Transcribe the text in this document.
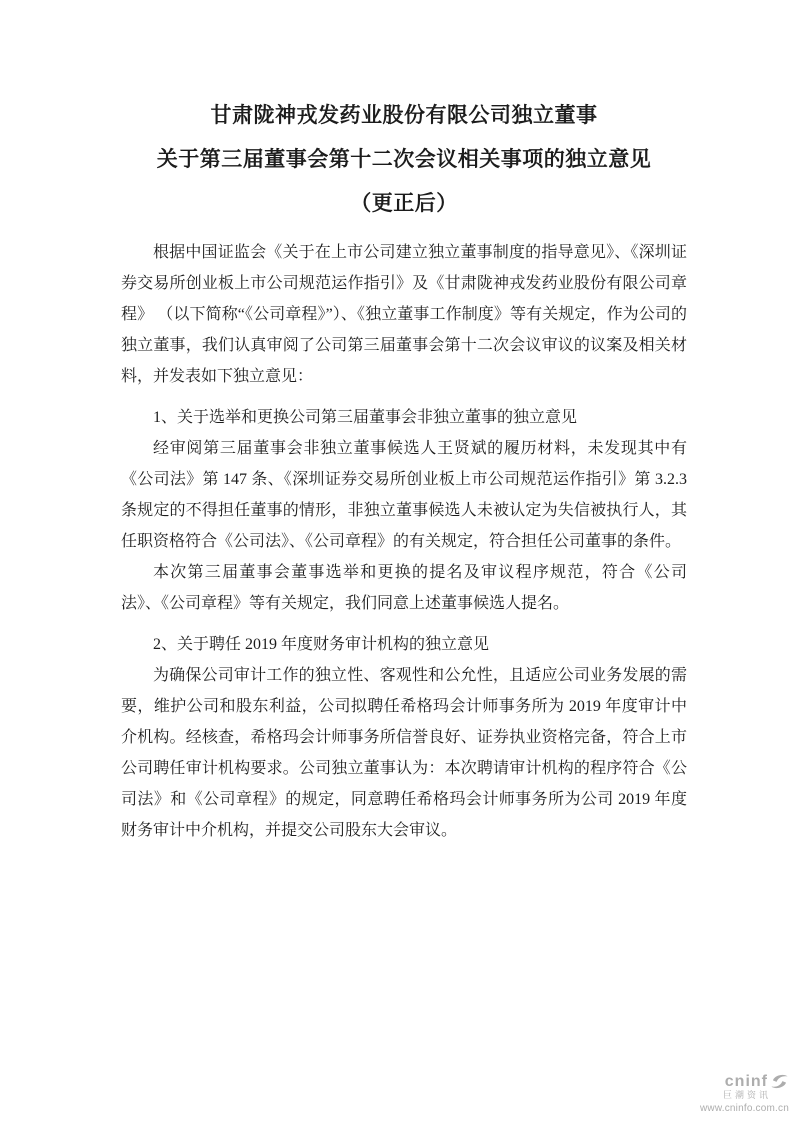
甘肃陇神戎发药业股份有限公司独立董事
关于第三届董事会第十二次会议相关事项的独立意见
（更正后）

根据中国证监会《关于在上市公司建立独立董事制度的指导意见》、《深圳证券交易所创业板上市公司规范运作指引》及《甘肃陇神戎发药业股份有限公司章程》 （以下简称“《公司章程》”）、《独立董事工作制度》等有关规定，作为公司的独立董事，我们认真审阅了公司第三届董事会第十二次会议审议的议案及相关材料，并发表如下独立意见：

1、关于选举和更换公司第三届董事会非独立董事的独立意见

经审阅第三届董事会非独立董事候选人王贤斌的履历材料，未发现其中有《公司法》第 147 条、《深圳证券交易所创业板上市公司规范运作指引》第 3.2.3 条规定的不得担任董事的情形，非独立董事候选人未被认定为失信被执行人，其任职资格符合《公司法》、《公司章程》的有关规定，符合担任公司董事的条件。

本次第三届董事会董事选举和更换的提名及审议程序规范，符合《公司法》、《公司章程》等有关规定，我们同意上述董事候选人提名。

2、关于聘任 2019 年度财务审计机构的独立意见

为确保公司审计工作的独立性、客观性和公允性，且适应公司业务发展的需要，维护公司和股东利益，公司拟聘任希格玛会计师事务所为 2019 年度审计中介机构。经核查，希格玛会计师事务所信誉良好、证券执业资格完备，符合上市公司聘任审计机构要求。公司独立董事认为：本次聘请审计机构的程序符合《公司法》和《公司章程》的规定，同意聘任希格玛会计师事务所为公司 2019 年度财务审计中介机构，并提交公司股东大会审议。

cninf
巨潮资讯
www.cninfo.com.cn
